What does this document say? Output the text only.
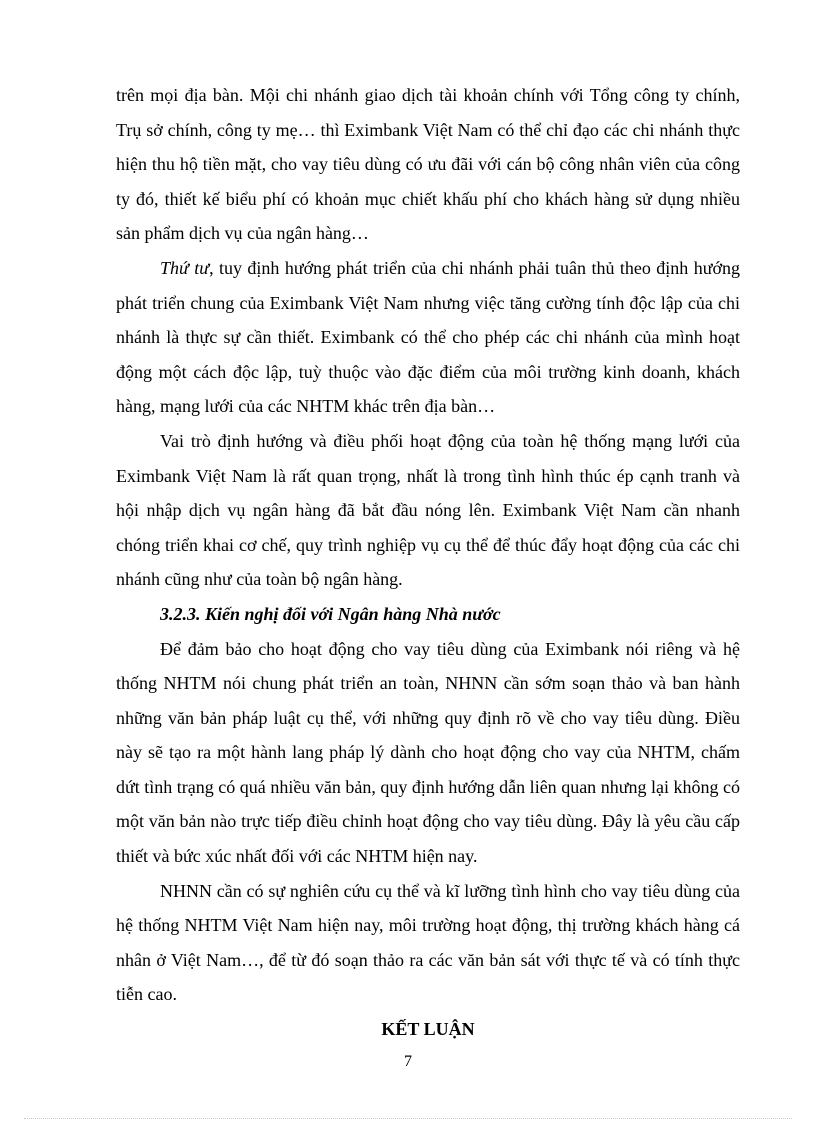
trên mọi địa bàn. Mội chi nhánh giao dịch tài khoản chính với Tổng công ty chính, Trụ sở chính, công ty mẹ… thì Eximbank Việt Nam có thể chỉ đạo các chi nhánh thực hiện thu hộ tiền mặt, cho vay tiêu dùng có ưu đãi với cán bộ công nhân viên của công ty đó, thiết kế biểu phí có khoản mục chiết khấu phí cho khách hàng sử dụng nhiều sản phẩm dịch vụ của ngân hàng…

Thứ tư, tuy định hướng phát triển của chi nhánh phải tuân thủ theo định hướng phát triển chung của Eximbank Việt Nam nhưng việc tăng cường tính độc lập của chi nhánh là thực sự cần thiết. Eximbank có thể cho phép các chi nhánh của mình hoạt động một cách độc lập, tuỳ thuộc vào đặc điểm của môi trường kinh doanh, khách hàng, mạng lưới của các NHTM khác trên địa bàn…

Vai trò định hướng và điều phối hoạt động của toàn hệ thống mạng lưới của Eximbank Việt Nam là rất quan trọng, nhất là trong tình hình thúc ép cạnh tranh và hội nhập dịch vụ ngân hàng đã bắt đầu nóng lên. Eximbank Việt Nam cần nhanh chóng triển khai cơ chế, quy trình nghiệp vụ cụ thể để thúc đẩy hoạt động của các chi nhánh cũng như của toàn bộ ngân hàng.

3.2.3. Kiến nghị đối với Ngân hàng Nhà nước

Để đảm bảo cho hoạt động cho vay tiêu dùng của Eximbank nói riêng và hệ thống NHTM nói chung phát triển an toàn, NHNN cần sớm soạn thảo và ban hành những văn bản pháp luật cụ thể, với những quy định rõ về cho vay tiêu dùng. Điều này sẽ tạo ra một hành lang pháp lý dành cho hoạt động cho vay của NHTM, chấm dứt tình trạng có quá nhiều văn bản, quy định hướng dẫn liên quan nhưng lại không có một văn bản nào trực tiếp điều chỉnh hoạt động cho vay tiêu dùng. Đây là yêu cầu cấp thiết và bức xúc nhất đối với các NHTM hiện nay.

NHNN cần có sự nghiên cứu cụ thể và kĩ lưỡng tình hình cho vay tiêu dùng của hệ thống NHTM Việt Nam hiện nay, môi trường hoạt động, thị trường khách hàng cá nhân ở Việt Nam…, để từ đó soạn thảo ra các văn bản sát với thực tế và có tính thực tiễn cao.

KẾT LUẬN

7
